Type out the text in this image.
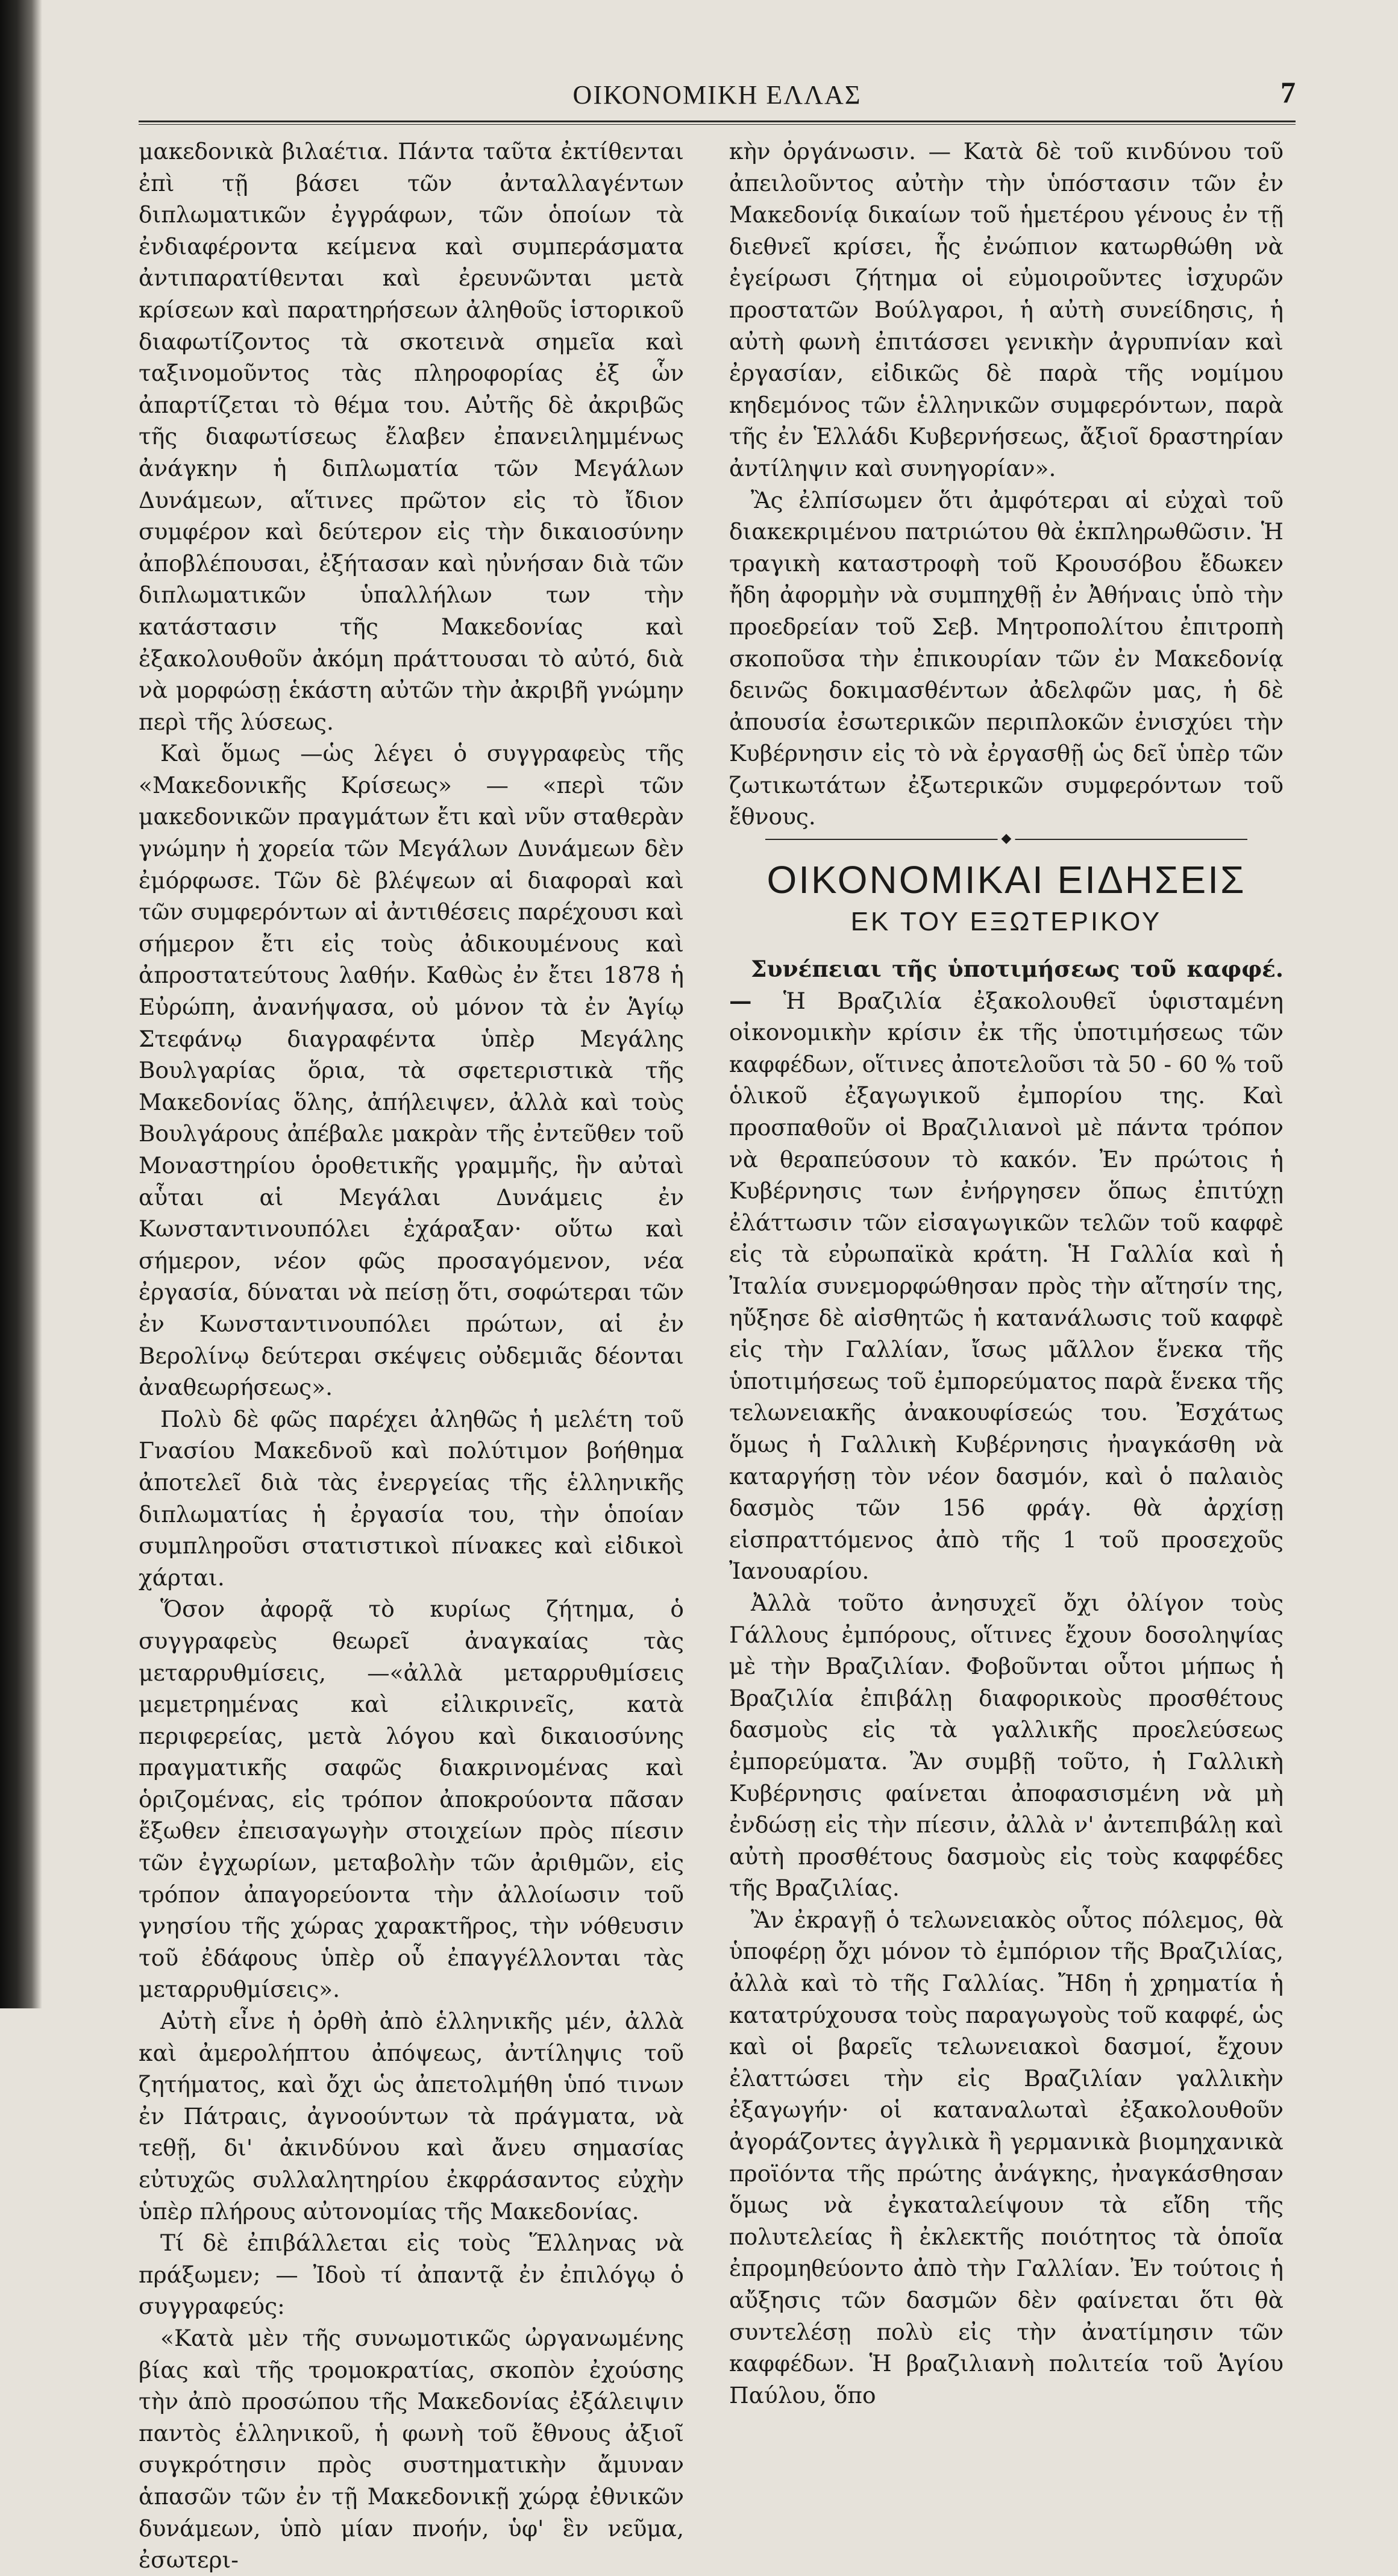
ΟΙΚΟΝΟΜΙΚΗ ΕΛΛΑΣ	7

μακεδονικὰ βιλαέτια. Πάντα ταῦτα ἐκτίθενται ἐπὶ τῇ βάσει τῶν ἀνταλλαγέντων διπλωματικῶν ἐγγράφων, τῶν ὁποίων τὰ ἐνδιαφέροντα κείμενα καὶ συμπεράσματα ἀντιπαρατίθενται καὶ ἐρευνῶνται μετὰ κρίσεων καὶ παρατηρήσεων ἀληθοῦς ἱστορικοῦ διαφωτίζοντος τὰ σκοτεινὰ σημεῖα καὶ ταξινομοῦντος τὰς πληροφορίας ἐξ ὧν ἀπαρτίζεται τὸ θέμα του. Αὐτῆς δὲ ἀκριβῶς τῆς διαφωτίσεως ἔλαβεν ἐπανειλημμένως ἀνάγκην ἡ διπλωματία τῶν Μεγάλων Δυνάμεων, αἵτινες πρῶτον εἰς τὸ ἴδιον συμφέρον καὶ δεύτερον εἰς τὴν δικαιοσύνην ἀποβλέπουσαι, ἐξήτασαν καὶ ηὐνήσαν διὰ τῶν διπλωματικῶν ὑπαλλήλων των τὴν κατάστασιν τῆς Μακεδονίας καὶ ἐξακολουθοῦν ἀκόμη πράττουσαι τὸ αὐτό, διὰ νὰ μορφώσῃ ἑκάστη αὐτῶν τὴν ἀκριβῆ γνώμην περὶ τῆς λύσεως.

Καὶ ὅμως —ὡς λέγει ὁ συγγραφεὺς τῆς «Μακεδονικῆς Κρίσεως» — «περὶ τῶν μακεδονικῶν πραγμάτων ἔτι καὶ νῦν σταθερὰν γνώμην ἡ χορεία τῶν Μεγάλων Δυνάμεων δὲν ἐμόρφωσε. Τῶν δὲ βλέψεων αἱ διαφοραὶ καὶ τῶν συμφερόντων αἱ ἀντιθέσεις παρέχουσι καὶ σήμερον ἔτι εἰς τοὺς ἀδικουμένους καὶ ἀπροστατεύτους λαθήν. Καθὼς ἐν ἔτει 1878 ἡ Εὐρώπη, ἀνανήψασα, οὐ μόνον τὰ ἐν Ἁγίῳ Στεφάνῳ διαγραφέντα ὑπὲρ Μεγάλης Βουλγαρίας ὅρια, τὰ σφετεριστικὰ τῆς Μακεδονίας ὅλης, ἀπήλειψεν, ἀλλὰ καὶ τοὺς Βουλγάρους ἀπέβαλε μακρὰν τῆς ἐντεῦθεν τοῦ Μοναστηρίου ὁροθετικῆς γραμμῆς, ἣν αὐταὶ αὗται αἱ Μεγάλαι Δυνάμεις ἐν Κωνσταντινουπόλει ἐχάραξαν· οὕτω καὶ σήμερον, νέον φῶς προσαγόμενον, νέα ἐργασία, δύναται νὰ πείσῃ ὅτι, σοφώτεραι τῶν ἐν Κωνσταντινουπόλει πρώτων, αἱ ἐν Βερολίνῳ δεύτεραι σκέψεις οὐδεμιᾶς δέονται ἀναθεωρήσεως».

Πολὺ δὲ φῶς παρέχει ἀληθῶς ἡ μελέτη τοῦ Γνασίου Μακεδνοῦ καὶ πολύτιμον βοήθημα ἀποτελεῖ διὰ τὰς ἐνεργείας τῆς ἑλληνικῆς διπλωματίας ἡ ἐργασία του, τὴν ὁποίαν συμπληροῦσι στατιστικοὶ πίνακες καὶ εἰδικοὶ χάρται.

Ὅσον ἀφορᾷ τὸ κυρίως ζήτημα, ὁ συγγραφεὺς θεωρεῖ ἀναγκαίας τὰς μεταρρυθμίσεις, —«ἀλλὰ μεταρρυθμίσεις μεμετρημένας καὶ εἰλικρινεῖς, κατὰ περιφερείας, μετὰ λόγου καὶ δικαιοσύνης πραγματικῆς σαφῶς διακρινομένας καὶ ὁριζομένας, εἰς τρόπον ἀποκρούοντα πᾶσαν ἔξωθεν ἐπεισαγωγὴν στοιχείων πρὸς πίεσιν τῶν ἐγχωρίων, μεταβολὴν τῶν ἀριθμῶν, εἰς τρόπον ἀπαγορεύοντα τὴν ἀλλοίωσιν τοῦ γνησίου τῆς χώρας χαρακτῆρος, τὴν νόθευσιν τοῦ ἐδάφους ὑπὲρ οὗ ἐπαγγέλλονται τὰς μεταρρυθμίσεις».

Αὐτὴ εἶνε ἡ ὀρθὴ ἀπὸ ἑλληνικῆς μέν, ἀλλὰ καὶ ἀμερολήπτου ἀπόψεως, ἀντίληψις τοῦ ζητήματος, καὶ ὄχι ὡς ἀπετολμήθη ὑπό τινων ἐν Πάτραις, ἀγνοούντων τὰ πράγματα, νὰ τεθῇ, δι' ἀκινδύνου καὶ ἄνευ σημασίας εὐτυχῶς συλλαλητηρίου ἐκφράσαντος εὐχὴν ὑπὲρ πλήρους αὐτονομίας τῆς Μακεδονίας.

Τί δὲ ἐπιβάλλεται εἰς τοὺς Ἕλληνας νὰ πράξωμεν; — Ἰδοὺ τί ἀπαντᾷ ἐν ἐπιλόγῳ ὁ συγγραφεύς:

«Κατὰ μὲν τῆς συνωμοτικῶς ὠργανωμένης βίας καὶ τῆς τρομοκρατίας, σκοπὸν ἐχούσης τὴν ἀπὸ προσώπου τῆς Μακεδονίας ἐξάλειψιν παντὸς ἑλληνικοῦ, ἡ φωνὴ τοῦ ἔθνους ἀξιοῖ συγκρότησιν πρὸς συστηματικὴν ἄμυναν ἁπασῶν τῶν ἐν τῇ Μακεδονικῇ χώρᾳ ἐθνικῶν δυνάμεων, ὑπὸ μίαν πνοήν, ὑφ' ἓν νεῦμα, ἐσωτερι-

κὴν ὀργάνωσιν. — Κατὰ δὲ τοῦ κινδύνου τοῦ ἀπειλοῦντος αὐτὴν τὴν ὑπόστασιν τῶν ἐν Μακεδονίᾳ δικαίων τοῦ ἡμετέρου γένους ἐν τῇ διεθνεῖ κρίσει, ἧς ἐνώπιον κατωρθώθη νὰ ἐγείρωσι ζήτημα οἱ εὐμοιροῦντες ἰσχυρῶν προστατῶν Βούλγαροι, ἡ αὐτὴ συνείδησις, ἡ αὐτὴ φωνὴ ἐπιτάσσει γενικὴν ἀγρυπνίαν καὶ ἐργασίαν, εἰδικῶς δὲ παρὰ τῆς νομίμου κηδεμόνος τῶν ἑλληνικῶν συμφερόντων, παρὰ τῆς ἐν Ἑλλάδι Κυβερνήσεως, ἄξιοῖ δραστηρίαν ἀντίληψιν καὶ συνηγορίαν».

Ἂς ἐλπίσωμεν ὅτι ἀμφότεραι αἱ εὐχαὶ τοῦ διακεκριμένου πατριώτου θὰ ἐκπληρωθῶσιν. Ἡ τραγικὴ καταστροφὴ τοῦ Κρουσόβου ἔδωκεν ἤδη ἀφορμὴν νὰ συμπηχθῇ ἐν Ἀθήναις ὑπὸ τὴν προεδρείαν τοῦ Σεβ. Μητροπολίτου ἐπιτροπὴ σκοποῦσα τὴν ἐπικουρίαν τῶν ἐν Μακεδονίᾳ δεινῶς δοκιμασθέντων ἀδελφῶν μας, ἡ δὲ ἀπουσία ἐσωτερικῶν περιπλοκῶν ἐνισχύει τὴν Κυβέρνησιν εἰς τὸ νὰ ἐργασθῇ ὡς δεῖ ὑπὲρ τῶν ζωτικωτάτων ἐξωτερικῶν συμφερόντων τοῦ ἔθνους.

◆
ΟΙΚΟΝΟΜΙΚΑΙ ΕΙΔΗΣΕΙΣ
ΕΚ ΤΟΥ ΕΞΩΤΕΡΙΚΟΥ

Συνέπειαι τῆς ὑποτιμήσεως τοῦ καφφέ.— Ἡ Βραζιλία ἐξακολουθεῖ ὑφισταμένη οἰκονομικὴν κρίσιν ἐκ τῆς ὑποτιμήσεως τῶν καφφέδων, οἵτινες ἀποτελοῦσι τὰ 50 - 60 % τοῦ ὁλικοῦ ἐξαγωγικοῦ ἐμπορίου της. Καὶ προσπαθοῦν οἱ Βραζιλιανοὶ μὲ πάντα τρόπον νὰ θεραπεύσουν τὸ κακόν. Ἐν πρώτοις ἡ Κυβέρνησις των ἐνήργησεν ὅπως ἐπιτύχῃ ἐλάττωσιν τῶν εἰσαγωγικῶν τελῶν τοῦ καφφὲ εἰς τὰ εὐρωπαϊκὰ κράτη. Ἡ Γαλλία καὶ ἡ Ἰταλία συνεμορφώθησαν πρὸς τὴν αἴτησίν της, ηὔξησε δὲ αἰσθητῶς ἡ κατανάλωσις τοῦ καφφὲ εἰς τὴν Γαλλίαν, ἴσως μᾶλλον ἕνεκα τῆς ὑποτιμήσεως τοῦ ἐμπορεύματος παρὰ ἕνεκα τῆς τελωνειακῆς ἀνακουφίσεώς του. Ἐσχάτως ὅμως ἡ Γαλλικὴ Κυβέρνησις ἠναγκάσθη νὰ καταργήσῃ τὸν νέον δασμόν, καὶ ὁ παλαιὸς δασμὸς τῶν 156 φράγ. θὰ ἀρχίσῃ εἰσπραττόμενος ἀπὸ τῆς 1 τοῦ προσεχοῦς Ἰανουαρίου.

Ἀλλὰ τοῦτο ἀνησυχεῖ ὄχι ὀλίγον τοὺς Γάλλους ἐμπόρους, οἵτινες ἔχουν δοσοληψίας μὲ τὴν Βραζιλίαν. Φοβοῦνται οὗτοι μήπως ἡ Βραζιλία ἐπιβάλῃ διαφορικοὺς προσθέτους δασμοὺς εἰς τὰ γαλλικῆς προελεύσεως ἐμπορεύματα. Ἂν συμβῇ τοῦτο, ἡ Γαλλικὴ Κυβέρνησις φαίνεται ἀποφασισμένη νὰ μὴ ἐνδώσῃ εἰς τὴν πίεσιν, ἀλλὰ ν' ἀντεπιβάλῃ καὶ αὐτὴ προσθέτους δασμοὺς εἰς τοὺς καφφέδες τῆς Βραζιλίας.

Ἂν ἐκραγῇ ὁ τελωνειακὸς οὗτος πόλεμος, θὰ ὑποφέρῃ ὄχι μόνον τὸ ἐμπόριον τῆς Βραζιλίας, ἀλλὰ καὶ τὸ τῆς Γαλλίας. Ἤδη ἡ χρηματία ἡ κατατρύχουσα τοὺς παραγωγοὺς τοῦ καφφέ, ὡς καὶ οἱ βαρεῖς τελωνειακοὶ δασμοί, ἔχουν ἐλαττώσει τὴν εἰς Βραζιλίαν γαλλικὴν ἐξαγωγήν· οἱ καταναλωταὶ ἐξακολουθοῦν ἀγοράζοντες ἀγγλικὰ ἢ γερμανικὰ βιομηχανικὰ προϊόντα τῆς πρώτης ἀνάγκης, ἠναγκάσθησαν ὅμως νὰ ἐγκαταλείψουν τὰ εἴδη τῆς πολυτελείας ἢ ἐκλεκτῆς ποιότητος τὰ ὁποῖα ἐπρομηθεύοντο ἀπὸ τὴν Γαλλίαν. Ἐν τούτοις ἡ αὔξησις τῶν δασμῶν δὲν φαίνεται ὅτι θὰ συντελέσῃ πολὺ εἰς τὴν ἀνατίμησιν τῶν καφφέδων. Ἡ βραζιλιανὴ πολιτεία τοῦ Ἁγίου Παύλου, ὅπο
